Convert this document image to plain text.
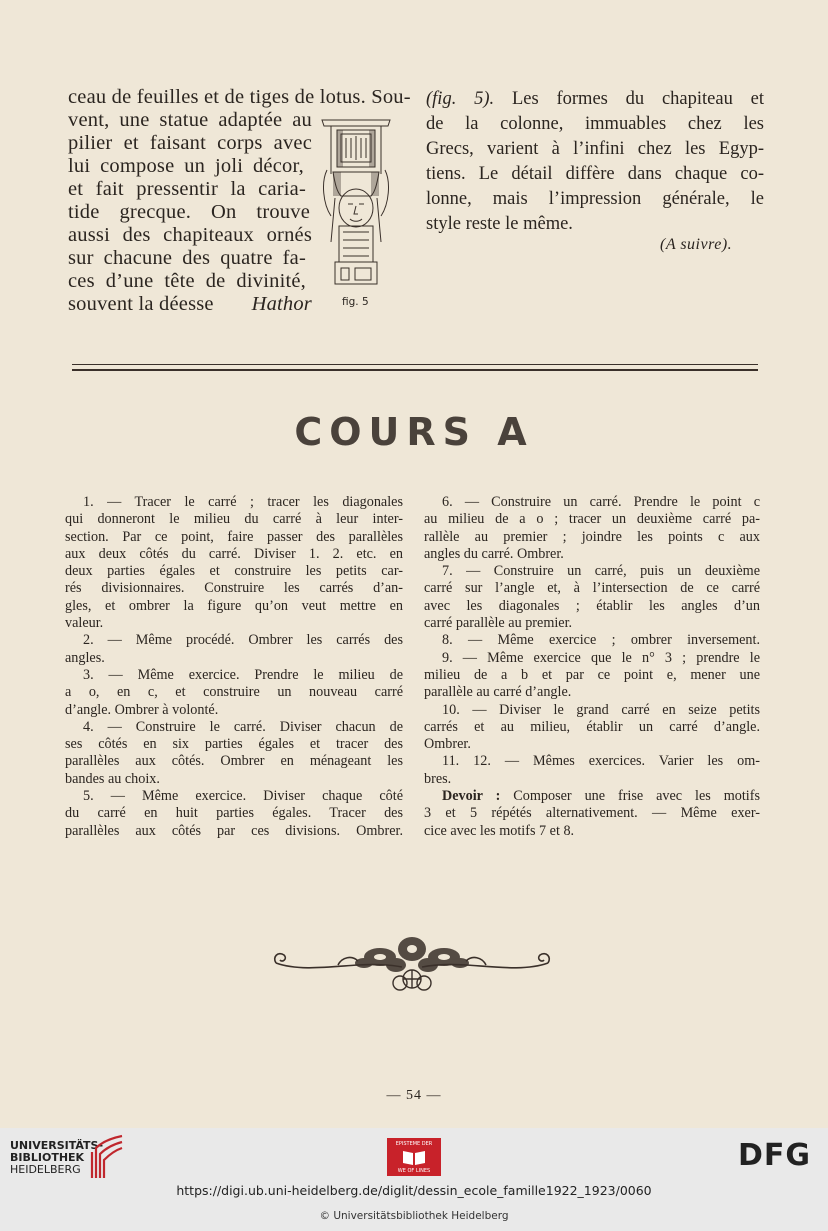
ceau de feuilles et de tiges de lotus. Sou-
vent, une statue adaptée au
pilier et faisant corps avec
lui compose un joli décor,
et fait pressentir la caria-
tide grecque. On trouve
aussi des chapiteaux ornés
sur chacune des quatre fa-
ces d’une tête de divinité,
souvent la déesse Hathor	fig. 5
(fig. 5). Les formes du chapiteau et
de la colonne, immuables chez les
Grecs, varient à l’infini chez les Egyp-
tiens. Le détail diffère dans chaque co-
lonne, mais l’impression générale, le
style reste le même.
(A suivre).
COURS A
1. — Tracer le carré ; tracer les diagonales
qui donneront le milieu du carré à leur inter-
section. Par ce point, faire passer des parallèles
aux deux côtés du carré. Diviser 1. 2. etc. en
deux parties égales et construire les petits car-
rés divisionnaires. Construire les carrés d’an-
gles, et ombrer la figure qu’on veut mettre en
valeur.
2. — Même procédé. Ombrer les carrés des
angles.
3. — Même exercice. Prendre le milieu de
a o, en c, et construire un nouveau carré
d’angle. Ombrer à volonté.
4. — Construire le carré. Diviser chacun de
ses côtés en six parties égales et tracer des
parallèles aux côtés. Ombrer en ménageant les
bandes au choix.
5. — Même exercice. Diviser chaque côté
du carré en huit parties égales. Tracer des
parallèles aux côtés par ces divisions. Ombrer.
6. — Construire un carré. Prendre le point c
au milieu de a o ; tracer un deuxième carré pa-
rallèle au premier ; joindre les points c aux
angles du carré. Ombrer.
7. — Construire un carré, puis un deuxième
carré sur l’angle et, à l’intersection de ce carré
avec les diagonales ; établir les angles d’un
carré parallèle au premier.
8. — Même exercice ; ombrer inversement.
9. — Même exercice que le n° 3 ; prendre le
milieu de a b et par ce point e, mener une
parallèle au carré d’angle.
10. — Diviser le grand carré en seize petits
carrés et au milieu, établir un carré d’angle.
Ombrer.
11. 12. — Mêmes exercices. Varier les om-
bres.
Devoir : Composer une frise avec les motifs
3 et 5 répétés alternativement. — Même exer-
cice avec les motifs 7 et 8.
— 54 —
UNIVERSITÄTS-
BIBLIOTHEK
HEIDELBERG
EPISTEME DER
WE OF LINES	DFG
https://digi.ub.uni-heidelberg.de/diglit/dessin_ecole_famille1922_1923/0060
© Universitätsbibliothek Heidelberg
